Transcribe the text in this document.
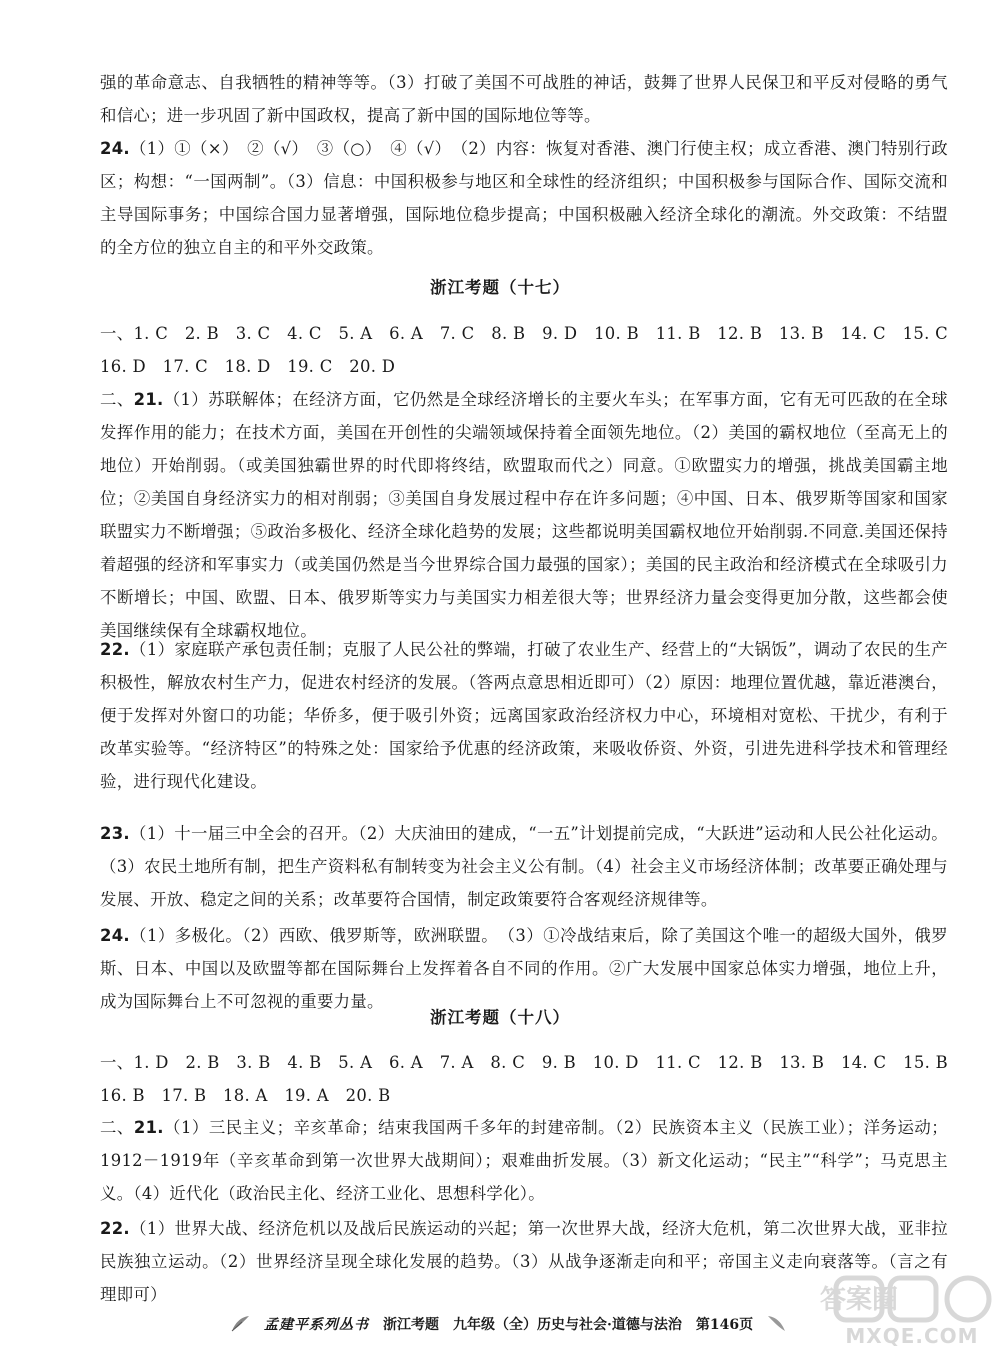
强的革命意志、自我牺牲的精神等等。（3）打破了美国不可战胜的神话，鼓舞了世界人民保卫和平反对侵略的勇气和信心；进一步巩固了新中国政权，提高了新中国的国际地位等等。

24.（1）①（×）　②（√）　③（○）　④（√）　（2）内容：恢复对香港、澳门行使主权；成立香港、澳门特别行政区；构想：“一国两制”。（3）信息：中国积极参与地区和全球性的经济组织；中国积极参与国际合作、国际交流和主导国际事务；中国综合国力显著增强，国际地位稳步提高；中国积极融入经济全球化的潮流。外交政策：不结盟的全方位的独立自主的和平外交政策。

浙江考题（十七）

一、1. C　2. B　3. C　4. C　5. A　6. A　7. C　8. B　9. D　10. B　11. B　12. B　13. B　14. C　15. C　16. D　17. C　18. D　19. C　20. D

二、21.（1）苏联解体；在经济方面，它仍然是全球经济增长的主要火车头；在军事方面，它有无可匹敌的在全球发挥作用的能力；在技术方面，美国在开创性的尖端领域保持着全面领先地位。（2）美国的霸权地位（至高无上的地位）开始削弱。（或美国独霸世界的时代即将终结，欧盟取而代之）同意。①欧盟实力的增强，挑战美国霸主地位；②美国自身经济实力的相对削弱；③美国自身发展过程中存在许多问题；④中国、日本、俄罗斯等国家和国家联盟实力不断增强；⑤政治多极化、经济全球化趋势的发展；这些都说明美国霸权地位开始削弱.不同意.美国还保持着超强的经济和军事实力（或美国仍然是当今世界综合国力最强的国家）；美国的民主政治和经济模式在全球吸引力不断增长；中国、欧盟、日本、俄罗斯等实力与美国实力相差很大等；世界经济力量会变得更加分散，这些都会使美国继续保有全球霸权地位。

22.（1）家庭联产承包责任制；克服了人民公社的弊端，打破了农业生产、经营上的“大锅饭”，调动了农民的生产积极性，解放农村生产力，促进农村经济的发展。（答两点意思相近即可）（2）原因：地理位置优越，靠近港澳台，便于发挥对外窗口的功能；华侨多，便于吸引外资；远离国家政治经济权力中心，环境相对宽松、干扰少，有利于改革实验等。“经济特区”的特殊之处：国家给予优惠的经济政策，来吸收侨资、外资，引进先进科学技术和管理经验，进行现代化建设。

23.（1）十一届三中全会的召开。（2）大庆油田的建成，“一五”计划提前完成，“大跃进”运动和人民公社化运动。（3）农民土地所有制，把生产资料私有制转变为社会主义公有制。（4）社会主义市场经济体制；改革要正确处理与发展、开放、稳定之间的关系；改革要符合国情，制定政策要符合客观经济规律等。

24.（1）多极化。（2）西欧、俄罗斯等，欧洲联盟。　（3）①冷战结束后，除了美国这个唯一的超级大国外，俄罗斯、日本、中国以及欧盟等都在国际舞台上发挥着各自不同的作用。②广大发展中国家总体实力增强，地位上升，成为国际舞台上不可忽视的重要力量。

浙江考题（十八）

一、1. D　2. B　3. B　4. B　5. A　6. A　7. A　8. C　9. B　10. D　11. C　12. B　13. B　14. C　15. B　16. B　17. B　18. A　19. A　20. B

二、21.（1）三民主义；辛亥革命；结束我国两千多年的封建帝制。（2）民族资本主义（民族工业）；洋务运动；1912－1919年（辛亥革命到第一次世界大战期间）；艰难曲折发展。（3）新文化运动；“民主”“科学”；马克思主义。（4）近代化（政治民主化、经济工业化、思想科学化）。

22.（1）世界大战、经济危机以及战后民族运动的兴起；第一次世界大战，经济大危机，第二次世界大战，亚非拉民族独立运动。（2）世界经济呈现全球化发展的趋势。（3）从战争逐渐走向和平；帝国主义走向衰落等。（言之有理即可）

孟建平系列丛书 浙江考题 九年级（全）历史与社会·道德与法治 第146页
答案圈
MXQE.COM
